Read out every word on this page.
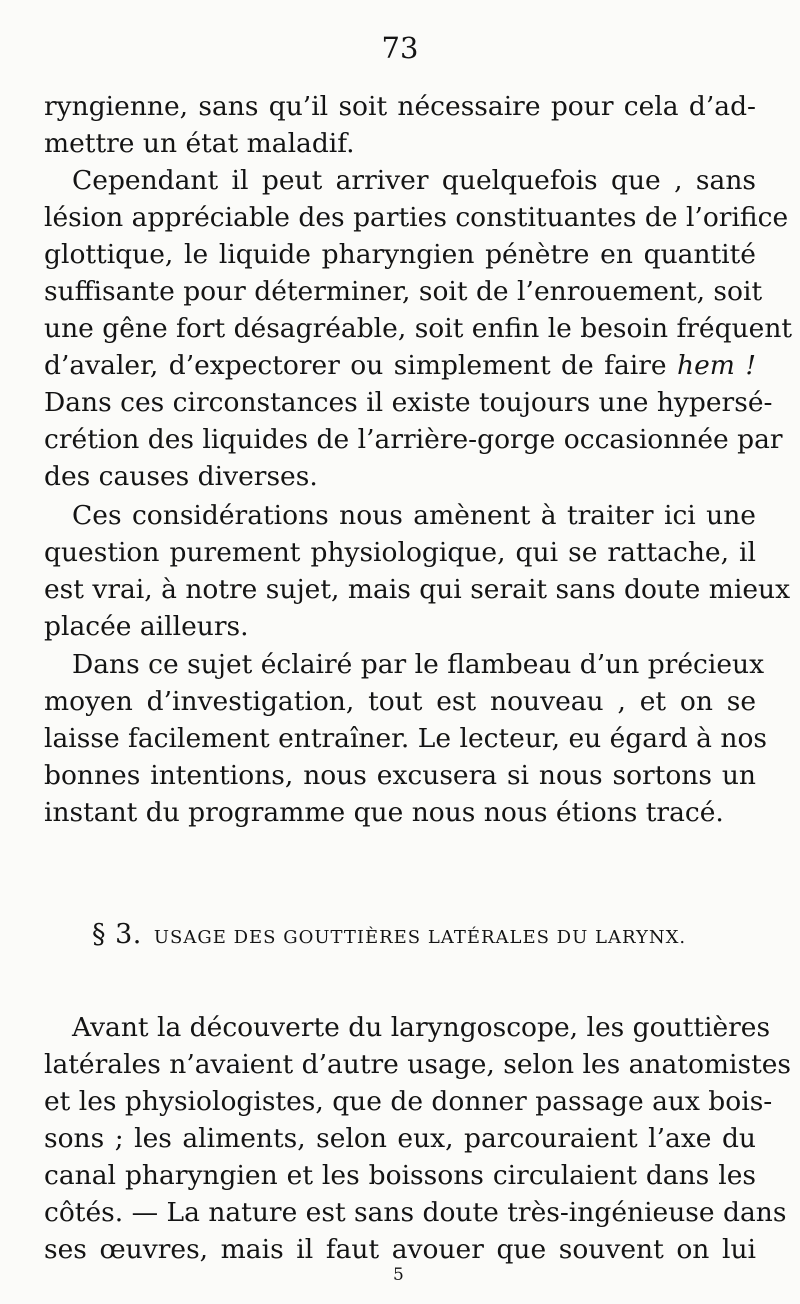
73
ryngienne, sans qu’il soit nécessaire pour cela d’ad-
mettre un état maladif.
Cependant il peut arriver quelquefois que , sans
lésion appréciable des parties constituantes de l’orifice
glottique, le liquide pharyngien pénètre en quantité
suffisante pour déterminer, soit de l’enrouement, soit
une gêne fort désagréable, soit enfin le besoin fréquent
d’avaler, d’expectorer ou simplement de faire hem !
Dans ces circonstances il existe toujours une hypersé-
crétion des liquides de l’arrière-gorge occasionnée par
des causes diverses.
Ces considérations nous amènent à traiter ici une
question purement physiologique, qui se rattache, il
est vrai, à notre sujet, mais qui serait sans doute mieux
placée ailleurs.
Dans ce sujet éclairé par le flambeau d’un précieux
moyen d’investigation, tout est nouveau , et on se
laisse facilement entraîner. Le lecteur, eu égard à nos
bonnes intentions, nous excusera si nous sortons un
instant du programme que nous nous étions tracé.
§ 3. USAGE DES GOUTTIÈRES LATÉRALES DU LARYNX.
Avant la découverte du laryngoscope, les gouttières
latérales n’avaient d’autre usage, selon les anatomistes
et les physiologistes, que de donner passage aux bois-
sons ; les aliments, selon eux, parcouraient l’axe du
canal pharyngien et les boissons circulaient dans les
côtés. — La nature est sans doute très-ingénieuse dans
ses œuvres, mais il faut avouer que souvent on lui
5
